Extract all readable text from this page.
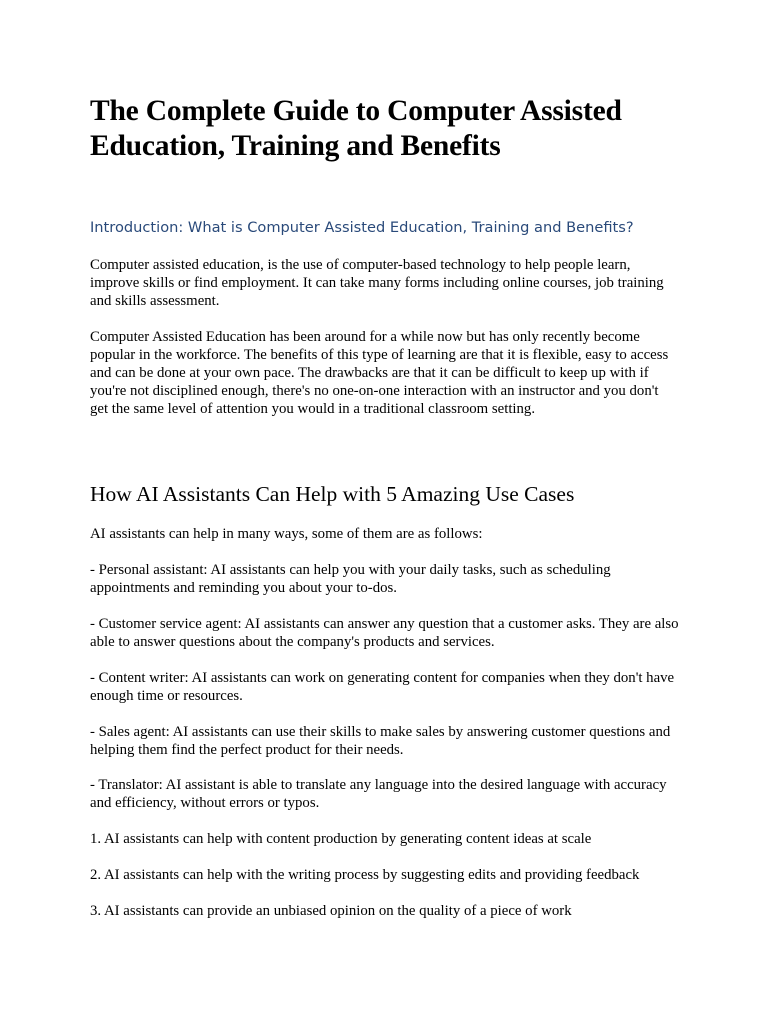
The Complete Guide to Computer Assisted Education, Training and Benefits
Introduction: What is Computer Assisted Education, Training and Benefits?

Computer assisted education, is the use of computer-based technology to help people learn, improve skills or find employment. It can take many forms including online courses, job training and skills assessment.

Computer Assisted Education has been around for a while now but has only recently become popular in the workforce. The benefits of this type of learning are that it is flexible, easy to access and can be done at your own pace. The drawbacks are that it can be difficult to keep up with if you're not disciplined enough, there's no one-on-one interaction with an instructor and you don't get the same level of attention you would in a traditional classroom setting.

How AI Assistants Can Help with 5 Amazing Use Cases

AI assistants can help in many ways, some of them are as follows:

- Personal assistant: AI assistants can help you with your daily tasks, such as scheduling appointments and reminding you about your to-dos.

- Customer service agent: AI assistants can answer any question that a customer asks. They are also able to answer questions about the company's products and services.

- Content writer: AI assistants can work on generating content for companies when they don't have enough time or resources.

- Sales agent: AI assistants can use their skills to make sales by answering customer questions and helping them find the perfect product for their needs.

- Translator: AI assistant is able to translate any language into the desired language with accuracy and efficiency, without errors or typos.

1. AI assistants can help with content production by generating content ideas at scale

2. AI assistants can help with the writing process by suggesting edits and providing feedback

3. AI assistants can provide an unbiased opinion on the quality of a piece of work
